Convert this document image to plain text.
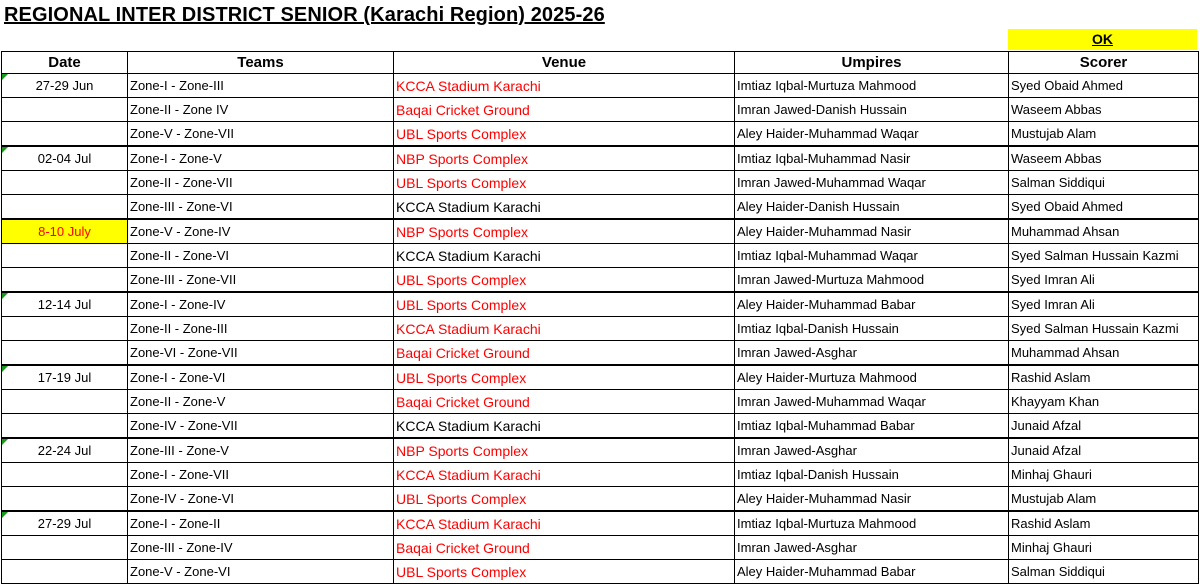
REGIONAL INTER DISTRICT SENIOR (Karachi Region) 2025-26
OK
Date	Teams	Venue	Umpires	Scorer
27-29 Jun	Zone-I - Zone-III	KCCA Stadium Karachi	Imtiaz Iqbal-Murtuza Mahmood	Syed Obaid Ahmed
	Zone-II - Zone IV	Baqai Cricket Ground	Imran Jawed-Danish Hussain	Waseem Abbas
	Zone-V - Zone-VII	UBL Sports Complex	Aley Haider-Muhammad Waqar	Mustujab Alam
02-04 Jul	Zone-I - Zone-V	NBP Sports Complex	Imtiaz Iqbal-Muhammad Nasir	Waseem Abbas
	Zone-II - Zone-VII	UBL Sports Complex	Imran Jawed-Muhammad Waqar	Salman Siddiqui
	Zone-III - Zone-VI	KCCA Stadium Karachi	Aley Haider-Danish Hussain	Syed Obaid Ahmed
8-10 July	Zone-V - Zone-IV	NBP Sports Complex	Aley Haider-Muhammad Nasir	Muhammad Ahsan
	Zone-II - Zone-VI	KCCA Stadium Karachi	Imtiaz Iqbal-Muhammad Waqar	Syed Salman Hussain Kazmi
	Zone-III - Zone-VII	UBL Sports Complex	Imran Jawed-Murtuza Mahmood	Syed Imran Ali
12-14 Jul	Zone-I - Zone-IV	UBL Sports Complex	Aley Haider-Muhammad Babar	Syed Imran Ali
	Zone-II - Zone-III	KCCA Stadium Karachi	Imtiaz Iqbal-Danish Hussain	Syed Salman Hussain Kazmi
	Zone-VI - Zone-VII	Baqai Cricket Ground	Imran Jawed-Asghar	Muhammad Ahsan
17-19 Jul	Zone-I - Zone-VI	UBL Sports Complex	Aley Haider-Murtuza Mahmood	Rashid Aslam
	Zone-II - Zone-V	Baqai Cricket Ground	Imran Jawed-Muhammad Waqar	Khayyam Khan
	Zone-IV - Zone-VII	KCCA Stadium Karachi	Imtiaz Iqbal-Muhammad Babar	Junaid Afzal
22-24 Jul	Zone-III - Zone-V	NBP Sports Complex	Imran Jawed-Asghar	Junaid Afzal
	Zone-I - Zone-VII	KCCA Stadium Karachi	Imtiaz Iqbal-Danish Hussain	Minhaj Ghauri
	Zone-IV - Zone-VI	UBL Sports Complex	Aley Haider-Muhammad Nasir	Mustujab Alam
27-29 Jul	Zone-I - Zone-II	KCCA Stadium Karachi	Imtiaz Iqbal-Murtuza Mahmood	Rashid Aslam
	Zone-III - Zone-IV	Baqai Cricket Ground	Imran Jawed-Asghar	Minhaj Ghauri
	Zone-V - Zone-VI	UBL Sports Complex	Aley Haider-Muhammad Babar	Salman Siddiqui
